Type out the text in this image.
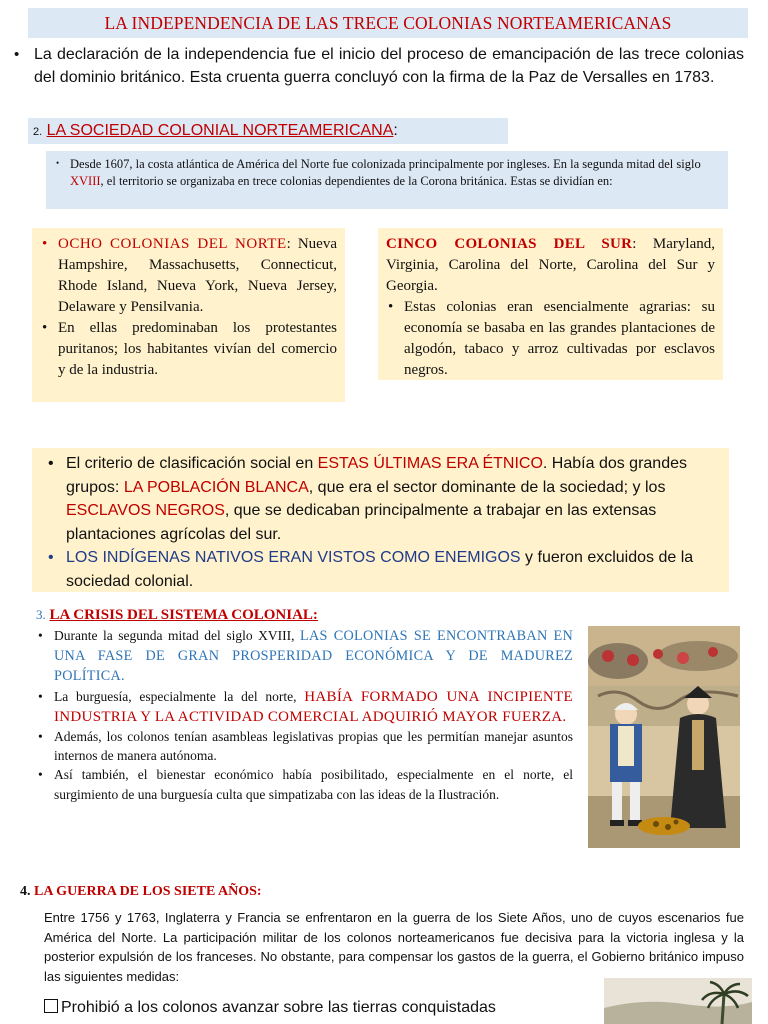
LA INDEPENDENCIA DE LAS TRECE COLONIAS NORTEAMERICANAS
• La declaración de la independencia fue el inicio del proceso de emancipación de las trece colonias del dominio británico. Esta cruenta guerra concluyó con la firma de la Paz de Versalles en 1783.
2. LA SOCIEDAD COLONIAL NORTEAMERICANA:
• Desde 1607, la costa atlántica de América del Norte fue colonizada principalmente por ingleses. En la segunda mitad del siglo XVIII, el territorio se organizaba en trece colonias dependientes de la Corona británica. Estas se dividían en:
• OCHO COLONIAS DEL NORTE: Nueva Hampshire, Massachusetts, Connecticut, Rhode Island, Nueva York, Nueva Jersey, Delaware y Pensilvania.
• En ellas predominaban los protestantes puritanos; los habitantes vivían del comercio y de la industria.
CINCO COLONIAS DEL SUR: Maryland, Virginia, Carolina del Norte, Carolina del Sur y Georgia.
• Estas colonias eran esencialmente agrarias: su economía se basaba en las grandes plantaciones de algodón, tabaco y arroz cultivadas por esclavos negros.
• El criterio de clasificación social en ESTAS ÚLTIMAS ERA ÉTNICO. Había dos grandes grupos: LA POBLACIÓN BLANCA, que era el sector dominante de la sociedad; y los ESCLAVOS NEGROS, que se dedicaban principalmente a trabajar en las extensas plantaciones agrícolas del sur.
• LOS INDÍGENAS NATIVOS ERAN VISTOS COMO ENEMIGOS y fueron excluidos de la sociedad colonial.
3. LA CRISIS DEL SISTEMA COLONIAL:
• Durante la segunda mitad del siglo XVIII, LAS COLONIAS SE ENCONTRABAN EN UNA FASE DE GRAN PROSPERIDAD ECONÓMICA Y DE MADUREZ POLÍTICA.
• La burguesía, especialmente la del norte, HABÍA FORMADO UNA INCIPIENTE INDUSTRIA Y LA ACTIVIDAD COMERCIAL ADQUIRIÓ MAYOR FUERZA.
• Además, los colonos tenían asambleas legislativas propias que les permitían manejar asuntos internos de manera autónoma.
• Así también, el bienestar económico había posibilitado, especialmente en el norte, el surgimiento de una burguesía culta que simpatizaba con las ideas de la Ilustración.
4. LA GUERRA DE LOS SIETE AÑOS:
Entre 1756 y 1763, Inglaterra y Francia se enfrentaron en la guerra de los Siete Años, uno de cuyos escenarios fue América del Norte. La participación militar de los colonos norteamericanos fue decisiva para la victoria inglesa y la posterior expulsión de los franceses. No obstante, para compensar los gastos de la guerra, el Gobierno británico impuso las siguientes medidas:
Prohibió a los colonos avanzar sobre las tierras conquistadas
